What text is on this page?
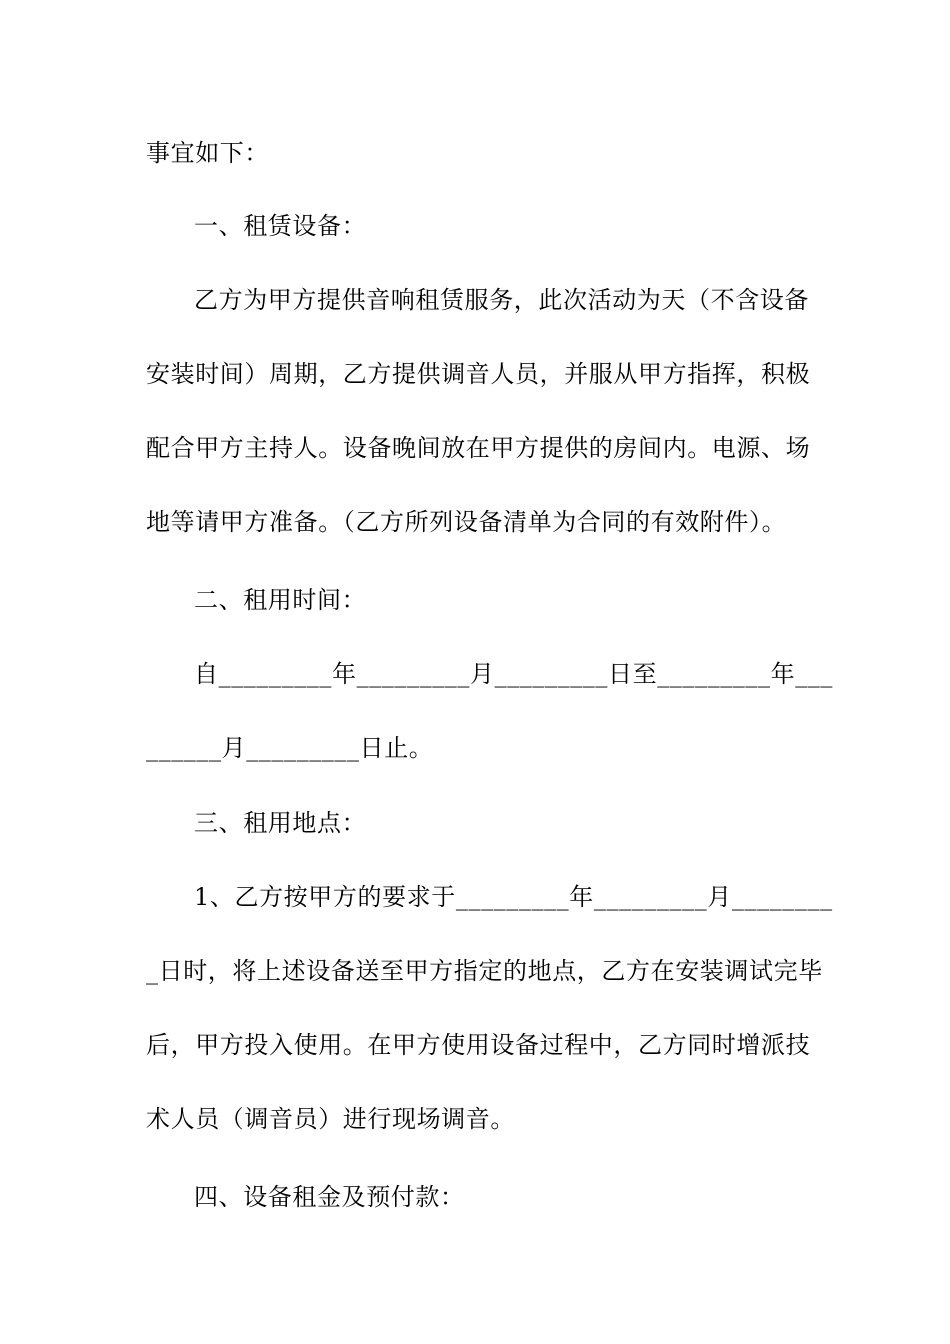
事宜如下：
一、租赁设备：
乙方为甲方提供音响租赁服务，此次活动为天（不含设备
安装时间）周期，乙方提供调音人员，并服从甲方指挥，积极
配合甲方主持人。设备晚间放在甲方提供的房间内。电源、场
地等请甲方准备。（乙方所列设备清单为合同的有效附件）。
二、租用时间：
自_________年_________月_________日至_________年___
______月_________日止。
三、租用地点：
1、乙方按甲方的要求于_________年_________月________
_日时，将上述设备送至甲方指定的地点，乙方在安装调试完毕
后，甲方投入使用。在甲方使用设备过程中，乙方同时增派技
术人员（调音员）进行现场调音。
四、设备租金及预付款：
